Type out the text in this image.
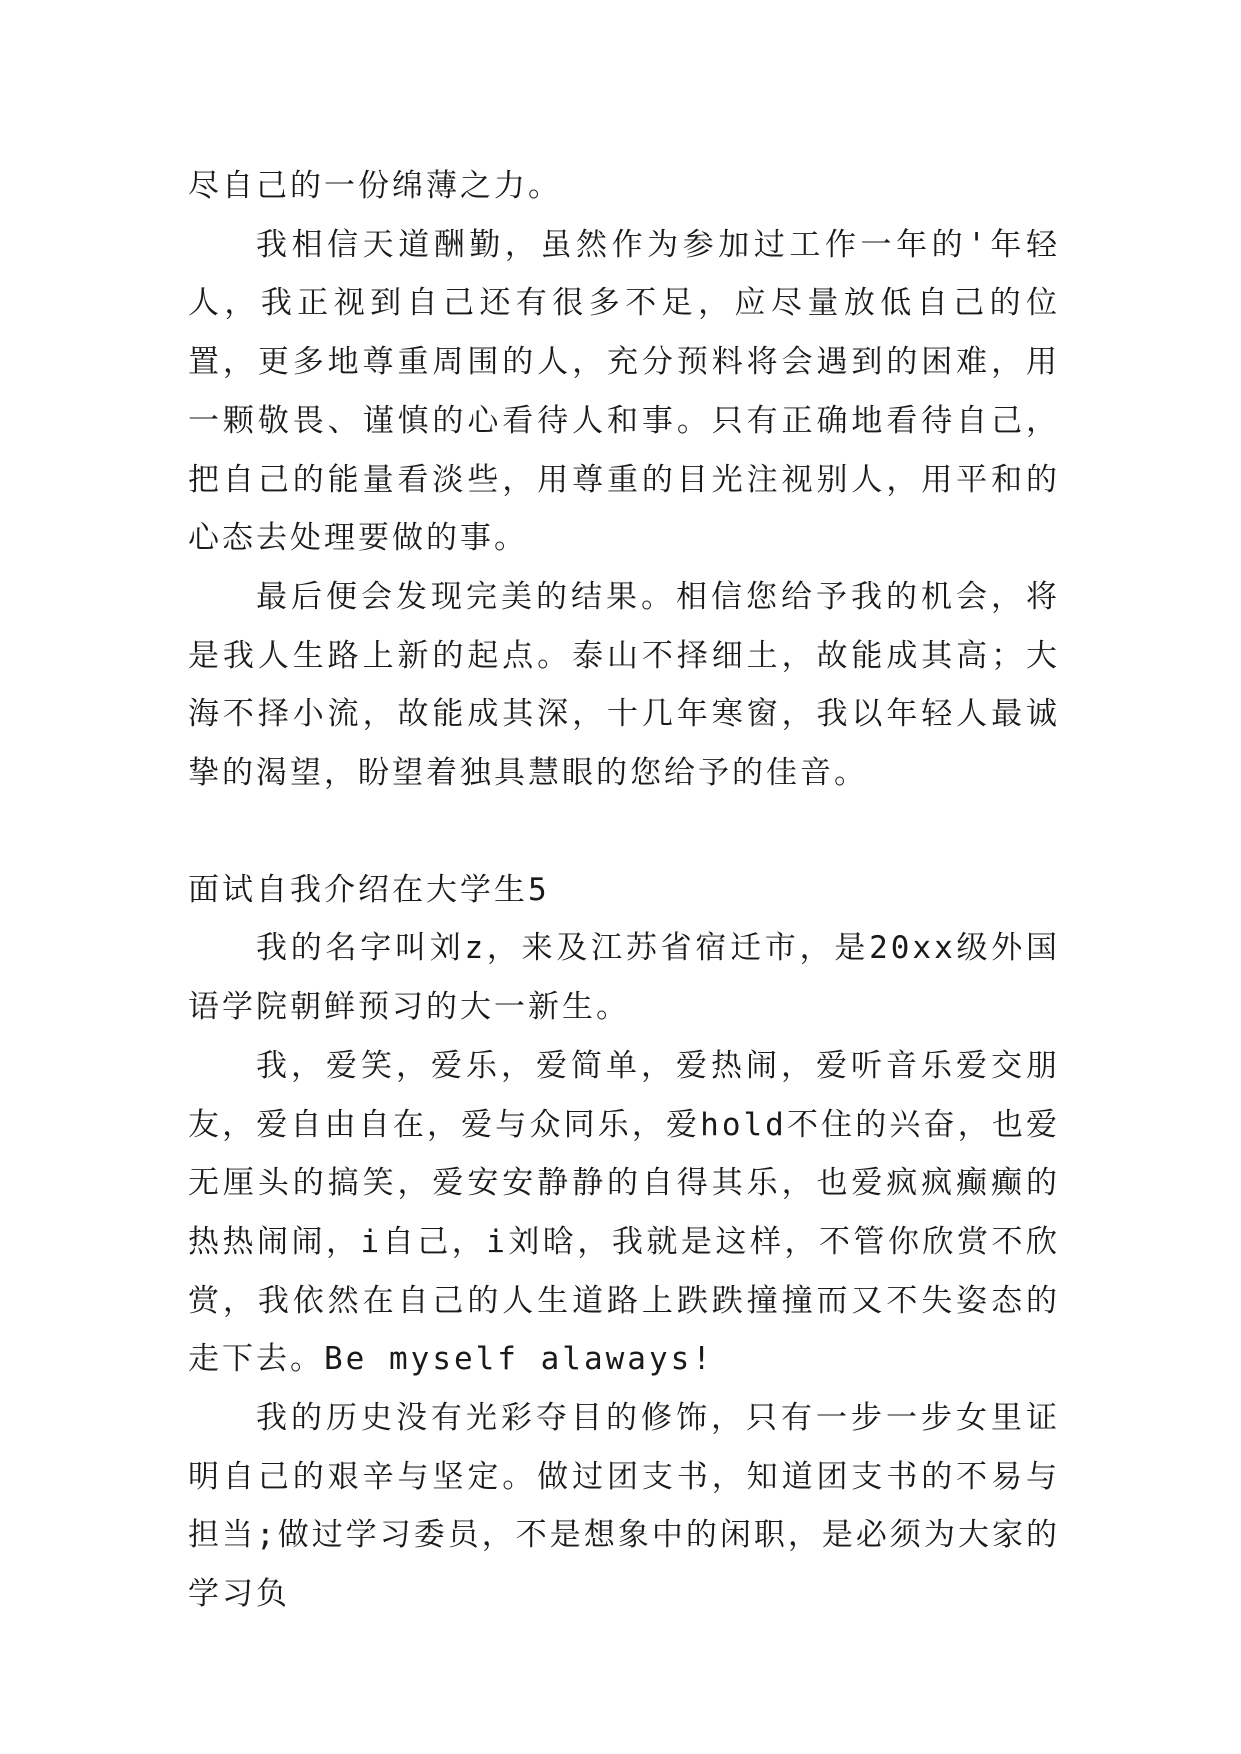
尽自己的一份绵薄之力。

我相信天道酬勤，虽然作为参加过工作一年的'年轻人，我正视到自己还有很多不足，应尽量放低自己的位置，更多地尊重周围的人，充分预料将会遇到的困难，用一颗敬畏、谨慎的心看待人和事。只有正确地看待自己，把自己的能量看淡些，用尊重的目光注视别人，用平和的心态去处理要做的事。

最后便会发现完美的结果。相信您给予我的机会，将是我人生路上新的起点。泰山不择细土，故能成其高；大海不择小流，故能成其深，十几年寒窗，我以年轻人最诚挚的渴望，盼望着独具慧眼的您给予的佳音。

面试自我介绍在大学生5

我的名字叫刘z，来及江苏省宿迁市，是20xx级外国语学院朝鲜预习的大一新生。

我，爱笑，爱乐，爱简单，爱热闹，爱听音乐爱交朋友，爱自由自在，爱与众同乐，爱hold不住的兴奋，也爱无厘头的搞笑，爱安安静静的自得其乐，也爱疯疯癫癫的热热闹闹，i自己，i刘晗，我就是这样，不管你欣赏不欣赏，我依然在自己的人生道路上跌跌撞撞而又不失姿态的走下去。Be myself alaways!

我的历史没有光彩夺目的修饰，只有一步一步女里证明自己的艰辛与坚定。做过团支书，知道团支书的不易与担当;做过学习委员，不是想象中的闲职，是必须为大家的学习负
